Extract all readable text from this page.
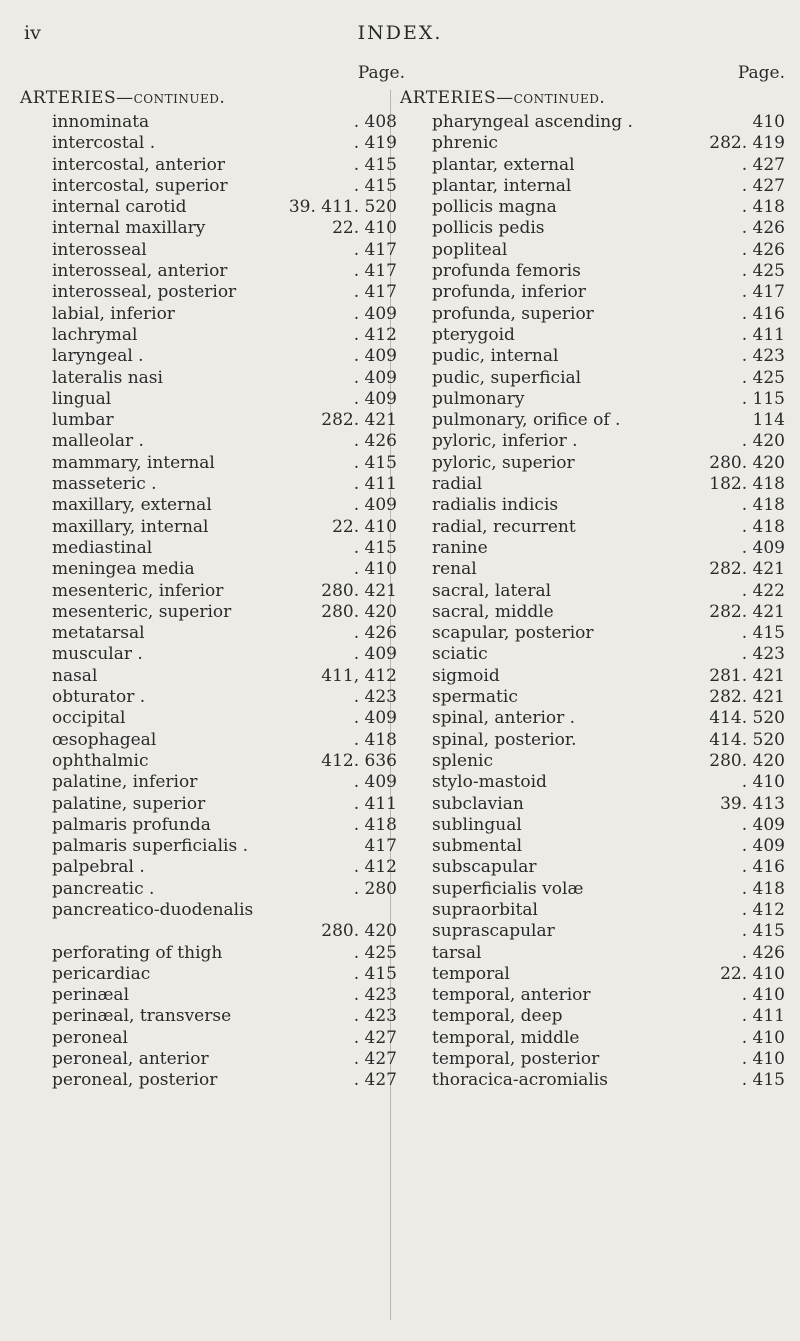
iv	INDEX.
Page.
ARTERIES—continued.
innominata	. 408
intercostal .	. 419
intercostal, anterior	. 415
intercostal, superior	. 415
internal carotid	39. 411. 520
internal maxillary	22. 410
interosseal	. 417
interosseal, anterior	. 417
interosseal, posterior	. 417
labial, inferior	. 409
lachrymal	. 412
laryngeal .	. 409
lateralis nasi	. 409
lingual	. 409
lumbar	282. 421
malleolar .	. 426
mammary, internal	. 415
masseteric .	. 411
maxillary, external	. 409
maxillary, internal	22. 410
mediastinal	. 415
meningea media	. 410
mesenteric, inferior	280. 421
mesenteric, superior	280. 420
metatarsal	. 426
muscular .	. 409
nasal	411, 412
obturator .	. 423
occipital	. 409
œsophageal	. 418
ophthalmic	412. 636
palatine, inferior	. 409
palatine, superior	. 411
palmaris profunda	. 418
palmaris superficialis .	417
palpebral .	. 412
pancreatic .	. 280
pancreatico-duodenalis
280. 420
perforating of thigh	. 425
pericardiac	. 415
perinæal	. 423
perinæal, transverse	. 423
peroneal	. 427
peroneal, anterior	. 427
peroneal, posterior	. 427
Page.
ARTERIES—continued.
pharyngeal ascending .	410
phrenic	282. 419
plantar, external	. 427
plantar, internal	. 427
pollicis magna	. 418
pollicis pedis	. 426
popliteal	. 426
profunda femoris	. 425
profunda, inferior	. 417
profunda, superior	. 416
pterygoid	. 411
pudic, internal	. 423
pudic, superficial	. 425
pulmonary	. 115
pulmonary, orifice of .	114
pyloric, inferior .	. 420
pyloric, superior	280. 420
radial	182. 418
radialis indicis	. 418
radial, recurrent	. 418
ranine	. 409
renal	282. 421
sacral, lateral	. 422
sacral, middle	282. 421
scapular, posterior	. 415
sciatic	. 423
sigmoid	281. 421
spermatic	282. 421
spinal, anterior .	414. 520
spinal, posterior.	414. 520
splenic	280. 420
stylo-mastoid	. 410
subclavian	39. 413
sublingual	. 409
submental	. 409
subscapular	. 416
superficialis volæ	. 418
supraorbital	. 412
suprascapular	. 415
tarsal	. 426
temporal	22. 410
temporal, anterior	. 410
temporal, deep	. 411
temporal, middle	. 410
temporal, posterior	. 410
thoracica-acromialis	. 415
